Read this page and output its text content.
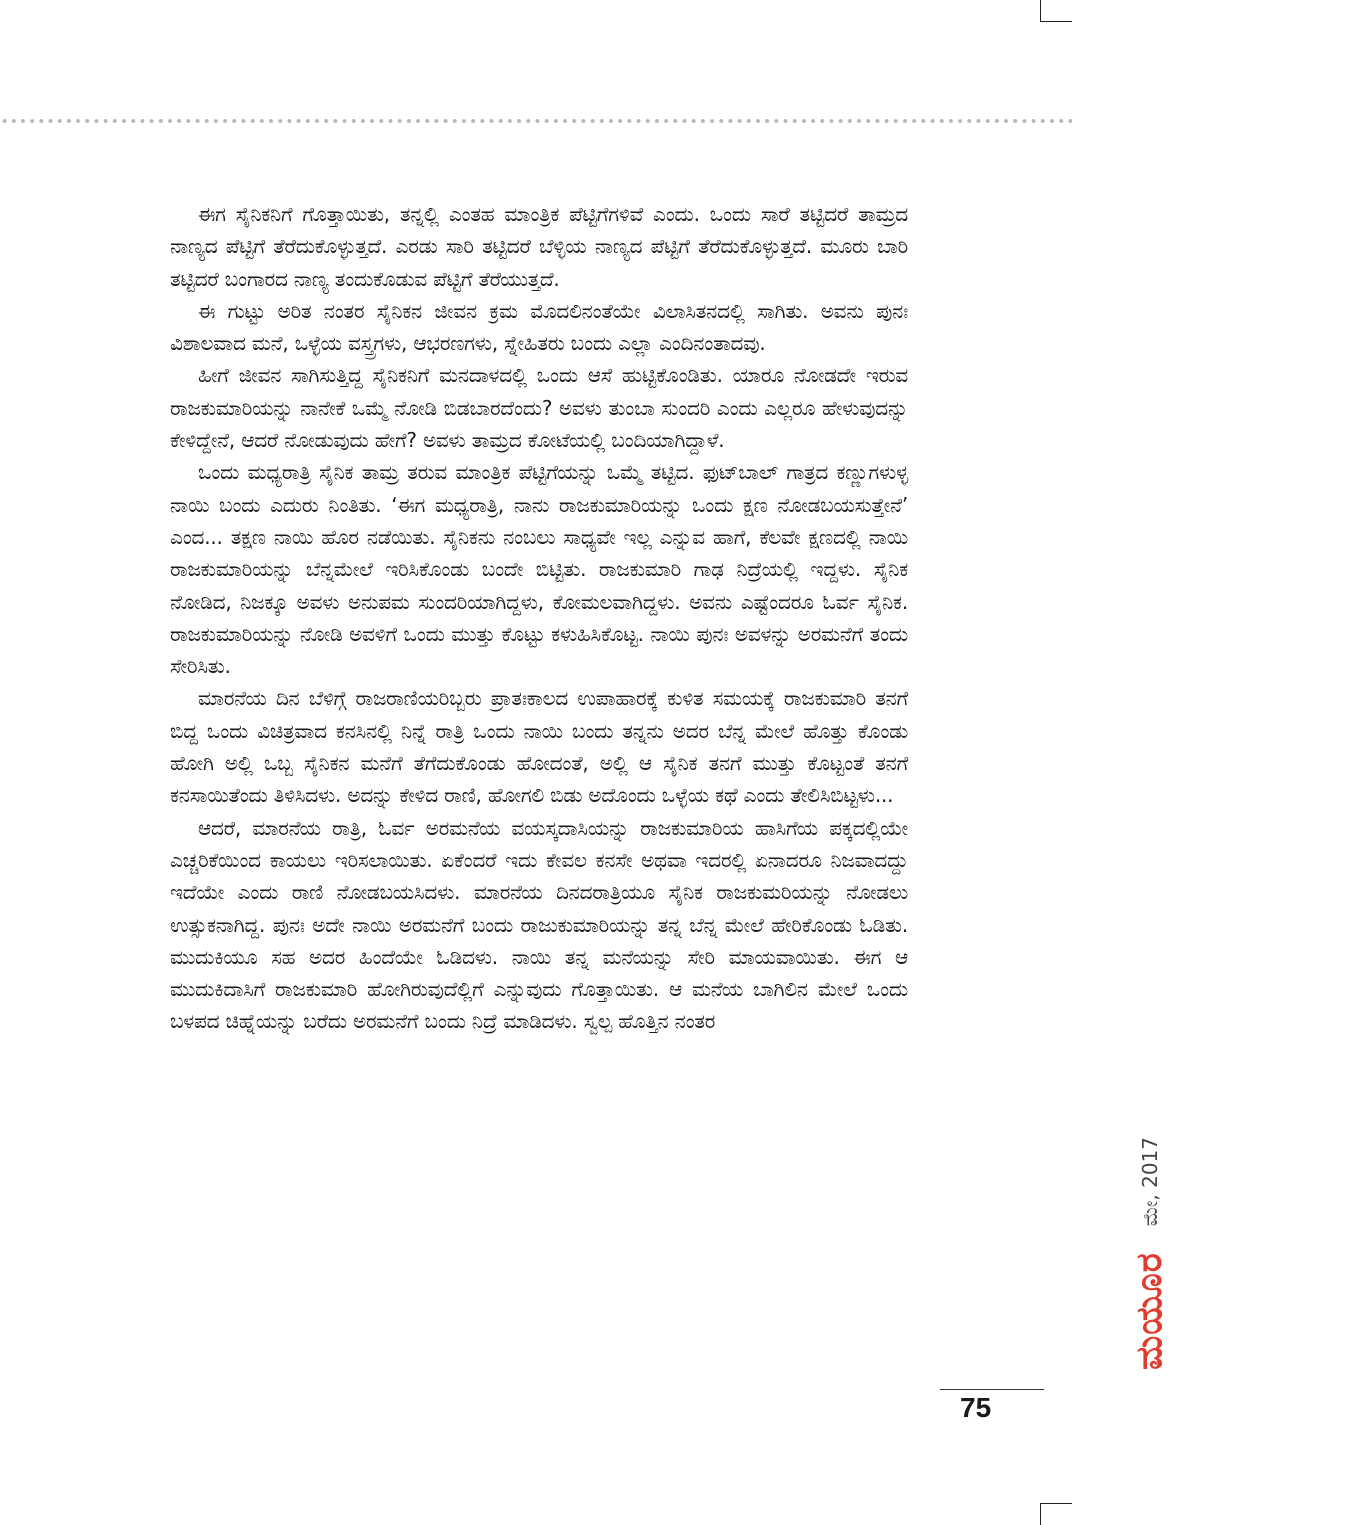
ಈಗ ಸೈನಿಕನಿಗೆ ಗೊತ್ತಾಯಿತು, ತನ್ನಲ್ಲಿ ಎಂತಹ ಮಾಂತ್ರಿಕ ಪೆಟ್ಟಿಗೆಗಳಿವೆ ಎಂದು. ಒಂದು ಸಾರೆ ತಟ್ಟಿದರೆ ತಾಮ್ರದ ನಾಣ್ಯದ ಪೆಟ್ಟಿಗೆ ತೆರೆದುಕೊಳ್ಳುತ್ತದೆ. ಎರಡು ಸಾರಿ ತಟ್ಟಿದರೆ ಬೆಳ್ಳಿಯ ನಾಣ್ಯದ ಪೆಟ್ಟಿಗೆ ತೆರೆದುಕೊಳ್ಳುತ್ತದೆ. ಮೂರು ಬಾರಿ ತಟ್ಟಿದರೆ ಬಂಗಾರದ ನಾಣ್ಯ ತಂದುಕೊಡುವ ಪೆಟ್ಟಿಗೆ ತೆರೆಯುತ್ತದೆ.

ಈ ಗುಟ್ಟು ಅರಿತ ನಂತರ ಸೈನಿಕನ ಜೀವನ ಕ್ರಮ ಮೊದಲಿನಂತೆಯೇ ವಿಲಾಸಿತನದಲ್ಲಿ ಸಾಗಿತು. ಅವನು ಪುನಃ ವಿಶಾಲವಾದ ಮನೆ, ಒಳ್ಳೆಯ ವಸ್ತ್ರಗಳು, ಆಭರಣಗಳು, ಸ್ನೇಹಿತರು ಬಂದು ಎಲ್ಲಾ ಎಂದಿನಂತಾದವು.

ಹೀಗೆ ಜೀವನ ಸಾಗಿಸುತ್ತಿದ್ದ ಸೈನಿಕನಿಗೆ ಮನದಾಳದಲ್ಲಿ ಒಂದು ಆಸೆ ಹುಟ್ಟಿಕೊಂಡಿತು. ಯಾರೂ ನೋಡದೇ ಇರುವ ರಾಜಕುಮಾರಿಯನ್ನು ನಾನೇಕೆ ಒಮ್ಮೆ ನೋಡಿ ಬಿಡಬಾರದೆಂದು? ಅವಳು ತುಂಬಾ ಸುಂದರಿ ಎಂದು ಎಲ್ಲರೂ ಹೇಳುವುದನ್ನು ಕೇಳಿದ್ದೇನೆ, ಆದರೆ ನೋಡುವುದು ಹೇಗೆ? ಅವಳು ತಾಮ್ರದ ಕೋಟೆಯಲ್ಲಿ ಬಂದಿಯಾಗಿದ್ದಾಳೆ.

ಒಂದು ಮಧ್ಯರಾತ್ರಿ ಸೈನಿಕ ತಾಮ್ರ ತರುವ ಮಾಂತ್ರಿಕ ಪೆಟ್ಟಿಗೆಯನ್ನು ಒಮ್ಮೆ ತಟ್ಟಿದ. ಫುಟ್‌ಬಾಲ್ ಗಾತ್ರದ ಕಣ್ಣುಗಳುಳ್ಳ ನಾಯಿ ಬಂದು ಎದುರು ನಿಂತಿತು. ‘ಈಗ ಮಧ್ಯರಾತ್ರಿ, ನಾನು ರಾಜಕುಮಾರಿಯನ್ನು ಒಂದು ಕ್ಷಣ ನೋಡಬಯಸುತ್ತೇನೆ’ ಎಂದ... ತಕ್ಷಣ ನಾಯಿ ಹೊರ ನಡೆಯಿತು. ಸೈನಿಕನು ನಂಬಲು ಸಾಧ್ಯವೇ ಇಲ್ಲ ಎನ್ನುವ ಹಾಗೆ, ಕೆಲವೇ ಕ್ಷಣದಲ್ಲಿ ನಾಯಿ ರಾಜಕುಮಾರಿಯನ್ನು ಬೆನ್ನಮೇಲೆ ಇರಿಸಿಕೊಂಡು ಬಂದೇ ಬಿಟ್ಟಿತು. ರಾಜಕುಮಾರಿ ಗಾಢ ನಿದ್ರೆಯಲ್ಲಿ ಇದ್ದಳು. ಸೈನಿಕ ನೋಡಿದ, ನಿಜಕ್ಕೂ ಅವಳು ಅನುಪಮ ಸುಂದರಿಯಾಗಿದ್ದಳು, ಕೋಮಲವಾಗಿದ್ದಳು. ಅವನು ಎಷ್ಟೆಂದರೂ ಓರ್ವ ಸೈನಿಕ. ರಾಜಕುಮಾರಿಯನ್ನು ನೋಡಿ ಅವಳಿಗೆ ಒಂದು ಮುತ್ತು ಕೊಟ್ಟು ಕಳುಹಿಸಿಕೊಟ್ಟ. ನಾಯಿ ಪುನಃ ಅವಳನ್ನು ಅರಮನೆಗೆ ತಂದು ಸೇರಿಸಿತು.

ಮಾರನೆಯ ದಿನ ಬೆಳಿಗ್ಗೆ ರಾಜರಾಣಿಯರಿಬ್ಬರು ಪ್ರಾತಃಕಾಲದ ಉಪಾಹಾರಕ್ಕೆ ಕುಳಿತ ಸಮಯಕ್ಕೆ ರಾಜಕುಮಾರಿ ತನಗೆ ಬಿದ್ದ ಒಂದು ವಿಚಿತ್ರವಾದ ಕನಸಿನಲ್ಲಿ ನಿನ್ನೆ ರಾತ್ರಿ ಒಂದು ನಾಯಿ ಬಂದು ತನ್ನನು ಅದರ ಬೆನ್ನ ಮೇಲೆ ಹೊತ್ತು ಕೊಂಡು ಹೋಗಿ ಅಲ್ಲಿ ಒಬ್ಬ ಸೈನಿಕನ ಮನೆಗೆ ತೆಗೆದುಕೊಂಡು ಹೋದಂತೆ, ಅಲ್ಲಿ ಆ ಸೈನಿಕ ತನಗೆ ಮುತ್ತು ಕೊಟ್ಟಂತೆ ತನಗೆ ಕನಸಾಯಿತೆಂದು ತಿಳಿಸಿದಳು. ಅದನ್ನು ಕೇಳಿದ ರಾಣಿ, ಹೋಗಲಿ ಬಿಡು ಅದೊಂದು ಒಳ್ಳೆಯ ಕಥೆ ಎಂದು ತೇಲಿಸಿಬಿಟ್ಟಳು...

ಆದರೆ, ಮಾರನೆಯ ರಾತ್ರಿ, ಓರ್ವ ಅರಮನೆಯ ವಯಸ್ಕದಾಸಿಯನ್ನು ರಾಜಕುಮಾರಿಯ ಹಾಸಿಗೆಯ ಪಕ್ಕದಲ್ಲಿಯೇ ಎಚ್ಚರಿಕೆಯಿಂದ ಕಾಯಲು ಇರಿಸಲಾಯಿತು. ಏಕೆಂದರೆ ಇದು ಕೇವಲ ಕನಸೇ ಅಥವಾ ಇದರಲ್ಲಿ ಏನಾದರೂ ನಿಜವಾದದ್ದು ಇದೆಯೇ ಎಂದು ರಾಣಿ ನೋಡಬಯಸಿದಳು. ಮಾರನೆಯ ದಿನದರಾತ್ರಿಯೂ ಸೈನಿಕ ರಾಜಕುಮರಿಯನ್ನು ನೋಡಲು ಉತ್ಸುಕನಾಗಿದ್ದ. ಪುನಃ ಅದೇ ನಾಯಿ ಅರಮನೆಗೆ ಬಂದು ರಾಜುಕುಮಾರಿಯನ್ನು ತನ್ನ ಬೆನ್ನ ಮೇಲೆ ಹೇರಿಕೊಂಡು ಓಡಿತು. ಮುದುಕಿಯೂ ಸಹ ಅದರ ಹಿಂದೆಯೇ ಓಡಿದಳು. ನಾಯಿ ತನ್ನ ಮನೆಯನ್ನು ಸೇರಿ ಮಾಯವಾಯಿತು. ಈಗ ಆ ಮುದುಕಿದಾಸಿಗೆ ರಾಜಕುಮಾರಿ ಹೋಗಿರುವುದೆಲ್ಲಿಗೆ ಎನ್ನುವುದು ಗೊತ್ತಾಯಿತು. ಆ ಮನೆಯ ಬಾಗಿಲಿನ ಮೇಲೆ ಒಂದು ಬಳಪದ ಚಿಹ್ನೆಯನ್ನು ಬರೆದು ಅರಮನೆಗೆ ಬಂದು ನಿದ್ರೆ ಮಾಡಿದಳು. ಸ್ವಲ್ಪ ಹೊತ್ತಿನ ನಂತರ

ಮಯೂರ
ಮೇ, 2017
75
